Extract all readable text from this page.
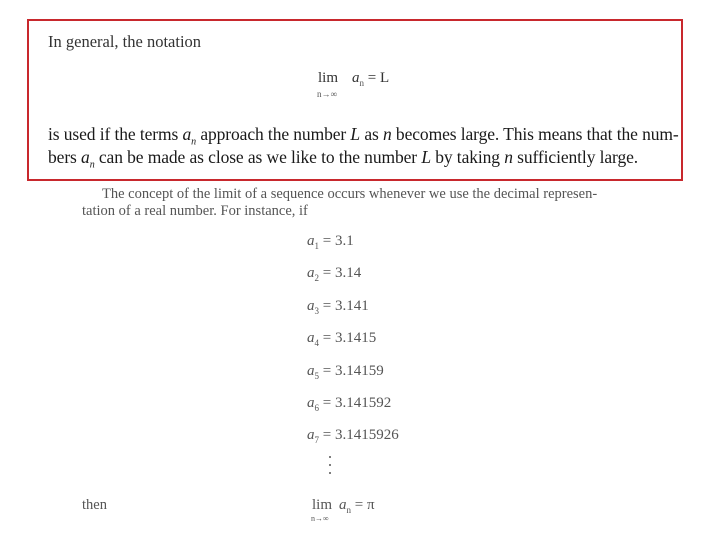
In general, the notation
lim
n→∞
$a_n = L$
is used if the terms $a_n$ approach the number L as n becomes large. This means that the num-
bers $a_n$ can be made as close as we like to the number L by taking n sufficiently large.
The concept of the limit of a sequence occurs whenever we use the decimal represen-
tation of a real number. For instance, if
$a_1 = 3.1$
$a_2 = 3.14$
$a_3 = 3.141$
$a_4 = 3.1415$
$a_5 = 3.14159$
$a_6 = 3.141592$
$a_7 = 3.1415926$
then	lim
n→∞
$a_n = \pi$
